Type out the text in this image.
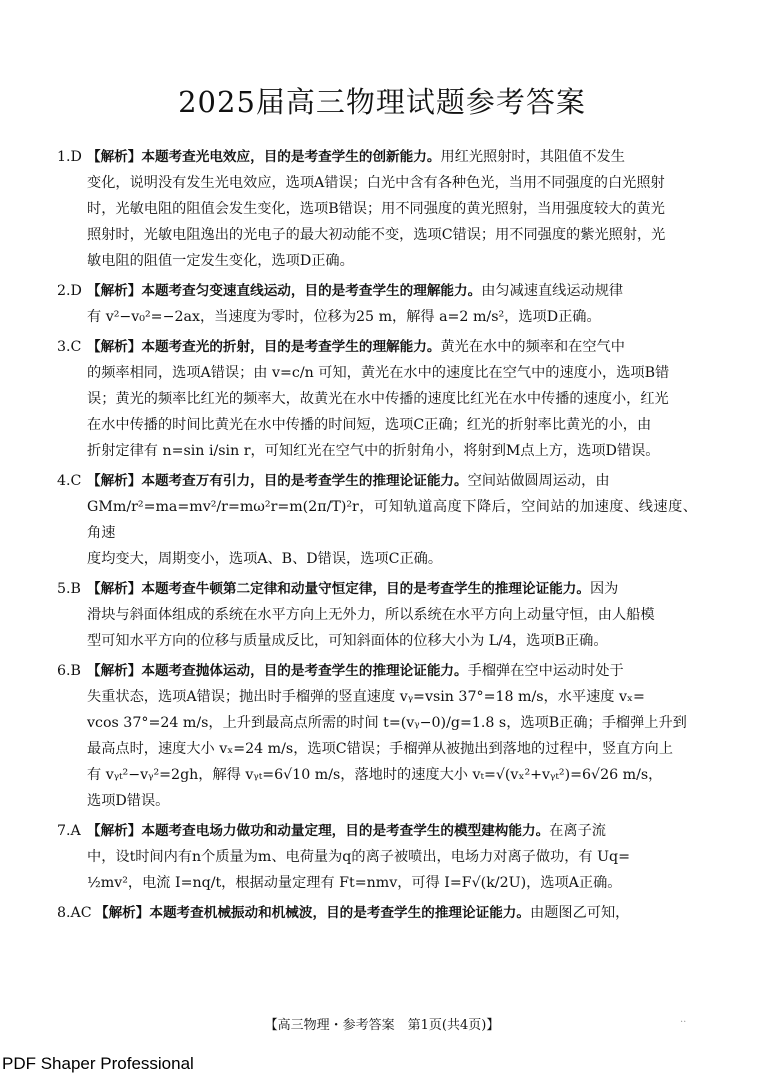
2025届高三物理试题参考答案

1.D 【解析】本题考查光电效应，目的是考查学生的创新能力。用红光照射时，其阻值不发生

变化，说明没有发生光电效应，选项A错误；白光中含有各种色光，当用不同强度的白光照射

时，光敏电阻的阻值会发生变化，选项B错误；用不同强度的黄光照射，当用强度较大的黄光

照射时，光敏电阻逸出的光电子的最大初动能不变，选项C错误；用不同强度的紫光照射，光

敏电阻的阻值一定发生变化，选项D正确。

2.D 【解析】本题考查匀变速直线运动，目的是考查学生的理解能力。由匀减速直线运动规律

有 v²−v₀²=−2ax，当速度为零时，位移为25 m，解得 a=2 m/s²，选项D正确。

3.C 【解析】本题考查光的折射，目的是考查学生的理解能力。黄光在水中的频率和在空气中

的频率相同，选项A错误；由 v=c/n 可知，黄光在水中的速度比在空气中的速度小，选项B错

误；黄光的频率比红光的频率大，故黄光在水中传播的速度比红光在水中传播的速度小，红光

在水中传播的时间比黄光在水中传播的时间短，选项C正确；红光的折射率比黄光的小，由

折射定律有 n=sin i/sin r，可知红光在空气中的折射角小，将射到M点上方，选项D错误。

4.C 【解析】本题考查万有引力，目的是考查学生的推理论证能力。空间站做圆周运动，由

GMm/r²=ma=mv²/r=mω²r=m(2π/T)²r，可知轨道高度下降后，空间站的加速度、线速度、角速

度均变大，周期变小，选项A、B、D错误，选项C正确。

5.B 【解析】本题考查牛顿第二定律和动量守恒定律，目的是考查学生的推理论证能力。因为

滑块与斜面体组成的系统在水平方向上无外力，所以系统在水平方向上动量守恒，由人船模

型可知水平方向的位移与质量成反比，可知斜面体的位移大小为 L/4，选项B正确。

6.B 【解析】本题考查抛体运动，目的是考查学生的推理论证能力。手榴弹在空中运动时处于

失重状态，选项A错误；抛出时手榴弹的竖直速度 vᵧ=vsin 37°=18 m/s，水平速度 vₓ=

vcos 37°=24 m/s，上升到最高点所需的时间 t=(vᵧ−0)/g=1.8 s，选项B正确；手榴弹上升到

最高点时，速度大小 vₓ=24 m/s，选项C错误；手榴弹从被抛出到落地的过程中，竖直方向上

有 vᵧₜ²−vᵧ²=2gh，解得 vᵧₜ=6√10 m/s，落地时的速度大小 vₜ=√(vₓ²+vᵧₜ²)=6√26 m/s，

选项D错误。

7.A 【解析】本题考查电场力做功和动量定理，目的是考查学生的模型建构能力。在离子流

中，设t时间内有n个质量为m、电荷量为q的离子被喷出，电场力对离子做功，有 Uq=

½mv²，电流 I=nq/t，根据动量定理有 Ft=nmv，可得 I=F√(k/2U)，选项A正确。

8.AC 【解析】本题考查机械振动和机械波，目的是考查学生的推理论证能力。由题图乙可知，

【高三物理・参考答案　第1页(共4页)】	..
PDF Shaper Professional
